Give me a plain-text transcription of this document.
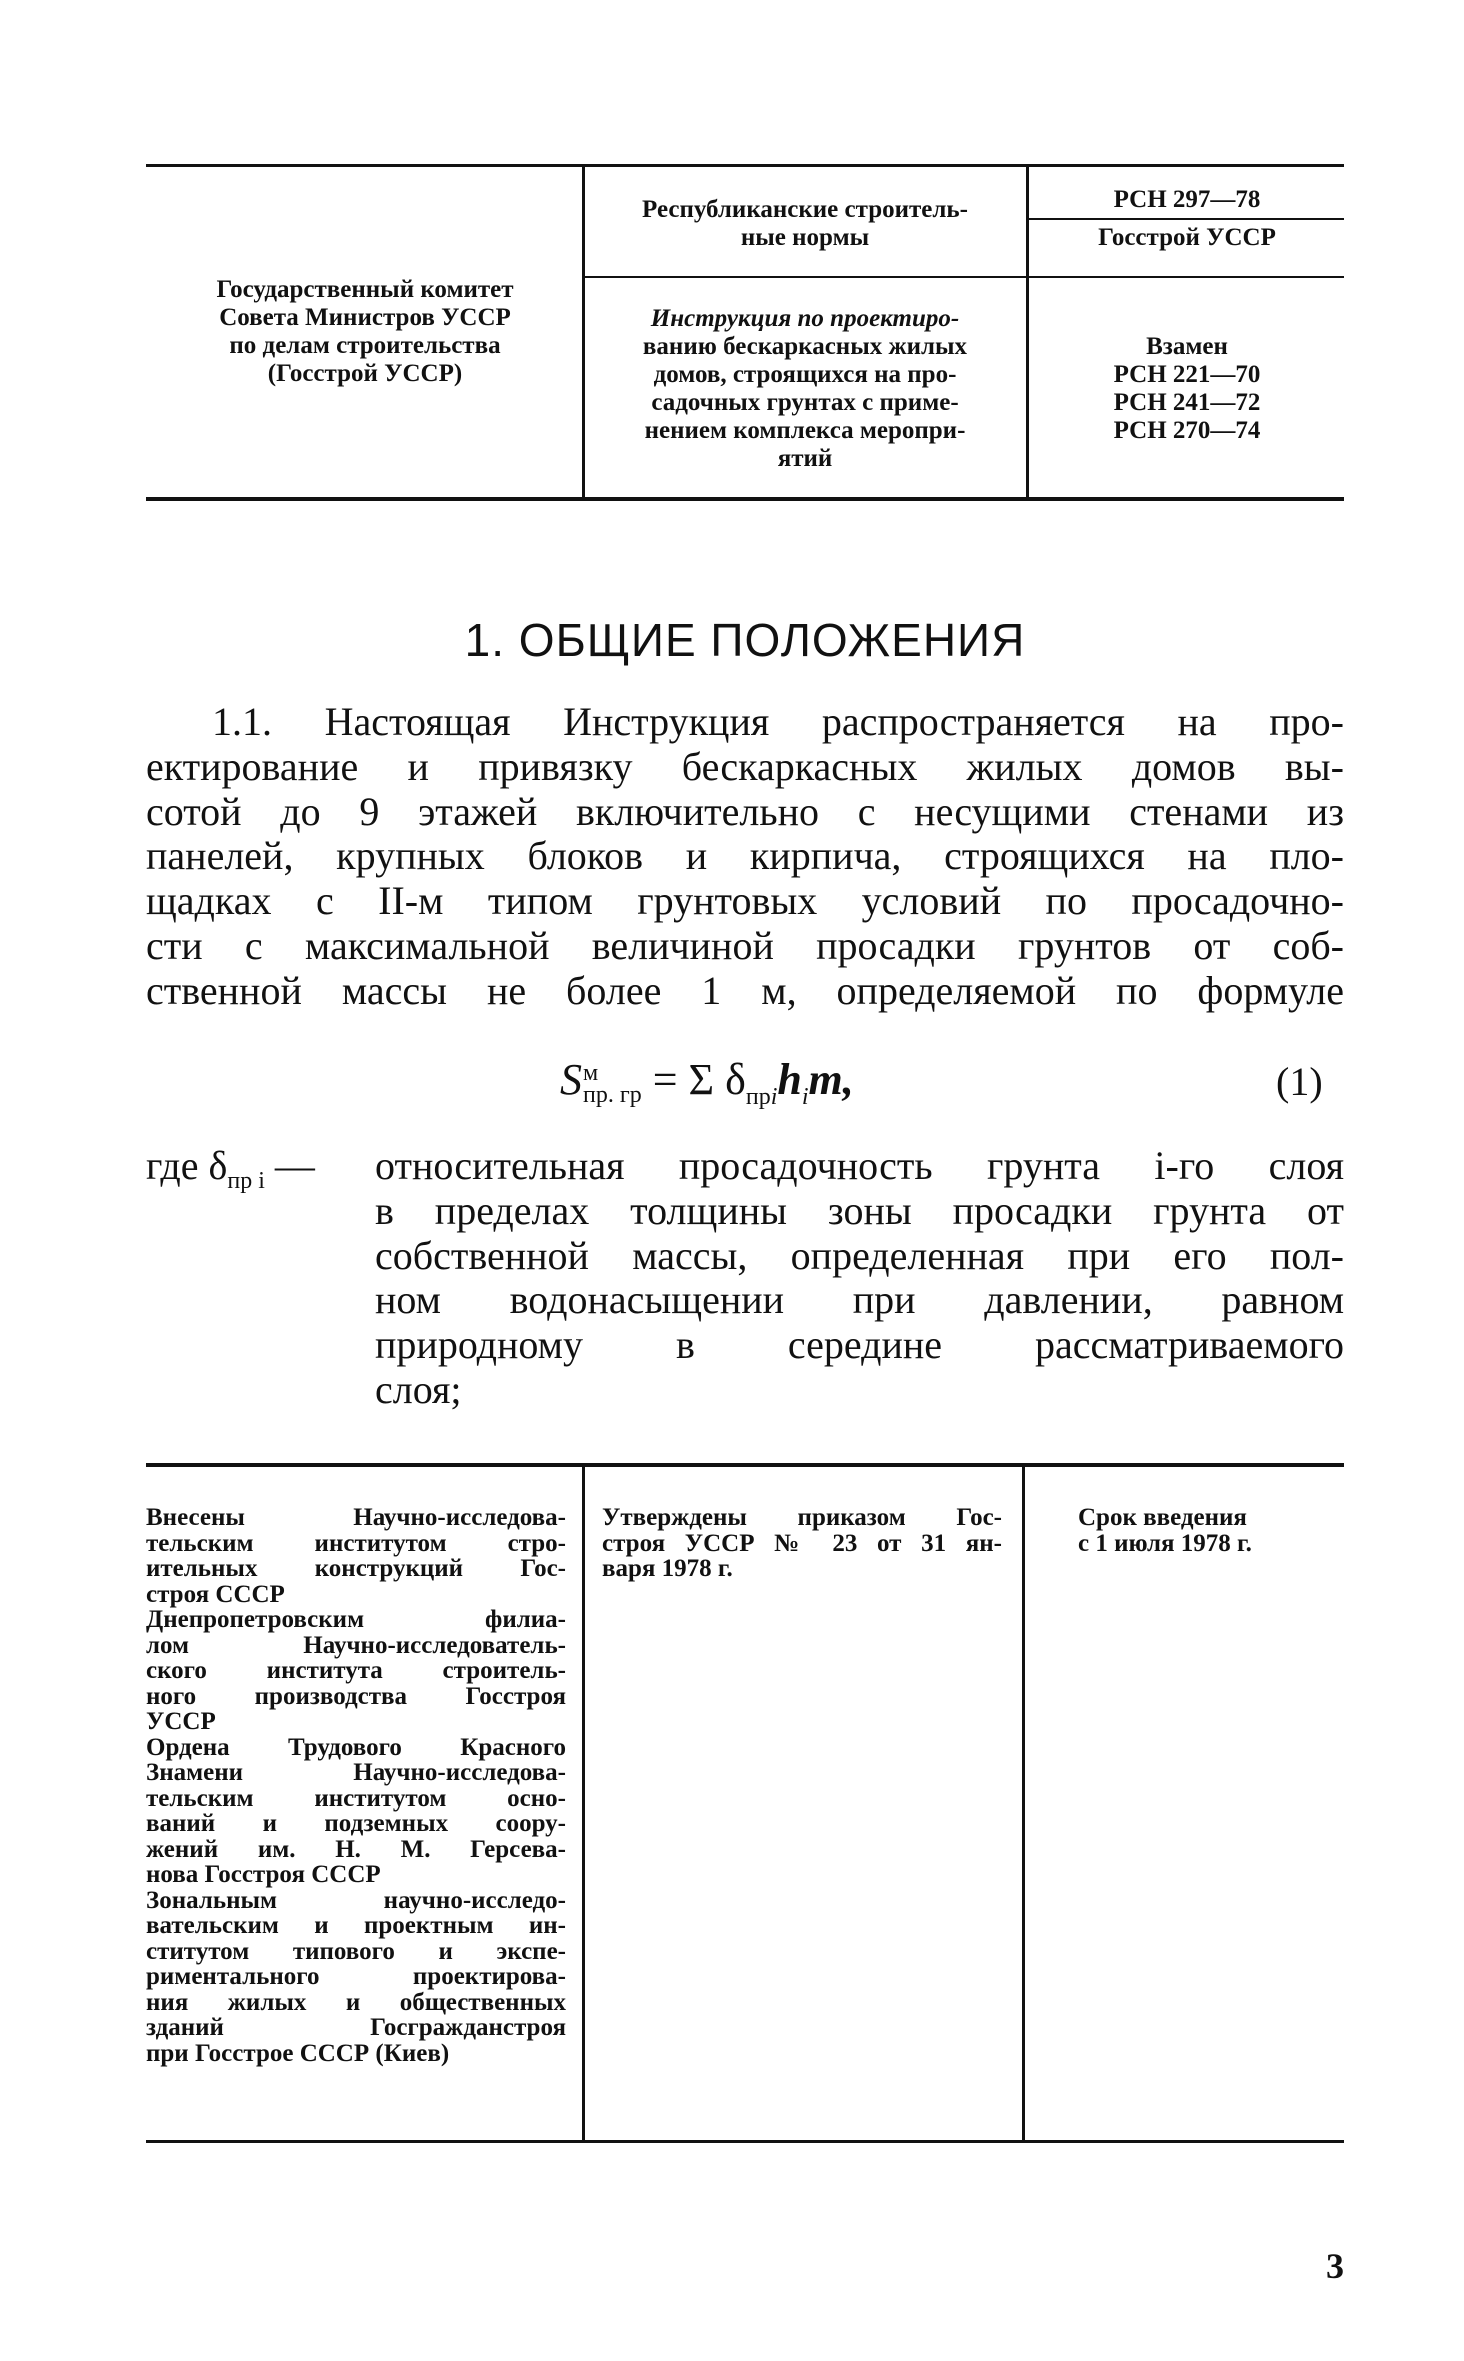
Государственный комитет
Совета Министров УССР
по делам строительства
(Госстрой УССР)
Республиканские строитель-
ные нормы
Инструкция по проектиро-
ванию бескаркасных жилых
домов, строящихся на про-
садочных грунтах с приме-
нением комплекса меропри-
ятий
РСН 297—78
Госстрой УССР
Взамен
РСН 221—70
РСН 241—72
РСН 270—74
1. ОБЩИЕ ПОЛОЖЕНИЯ
1.1. Настоящая Инструкция распространяется на про-
ектирование и привязку бескаркасных жилых домов вы-
сотой до 9 этажей включительно с несущими стенами из
панелей, крупных блоков и кирпича, строящихся на пло-
щадках с II-м типом грунтовых условий по просадочно-
сти с максимальной величиной просадки грунтов от соб-
ственной массы не более 1 м, определяемой по формуле
S м
пр. гр = Σ $\delta_{прi}h_im$,	(1)
где $\delta_{пр i}$ — относительная просадочность грунта i-го слоя
в пределах толщины зоны просадки грунта от
собственной массы, определенная при его пол-
ном водонасыщении при давлении, равном
природному в середине рассматриваемого
слоя;
Внесены Научно-исследова-
тельским институтом стро-
ительных конструкций Гос-
строя СССР
Днепропетровским филиа-
лом Научно-исследователь-
ского института строитель-
ного производства Госстроя
УССР
Ордена Трудового Красного
Знамени Научно-исследова-
тельским институтом осно-
ваний и подземных соору-
жений им. Н. М. Герсева-
нова Госстроя СССР
Зональным научно-исследо-
вательским и проектным ин-
ститутом типового и экспе-
риментального проектирова-
ния жилых и общественных
зданий Госгражданстроя
при Госстрое СССР (Киев)
Утверждены приказом Гос-
строя УССР № 23 от 31 ян-
варя 1978 г.
Срок введения
с 1 июля 1978 г.
3
